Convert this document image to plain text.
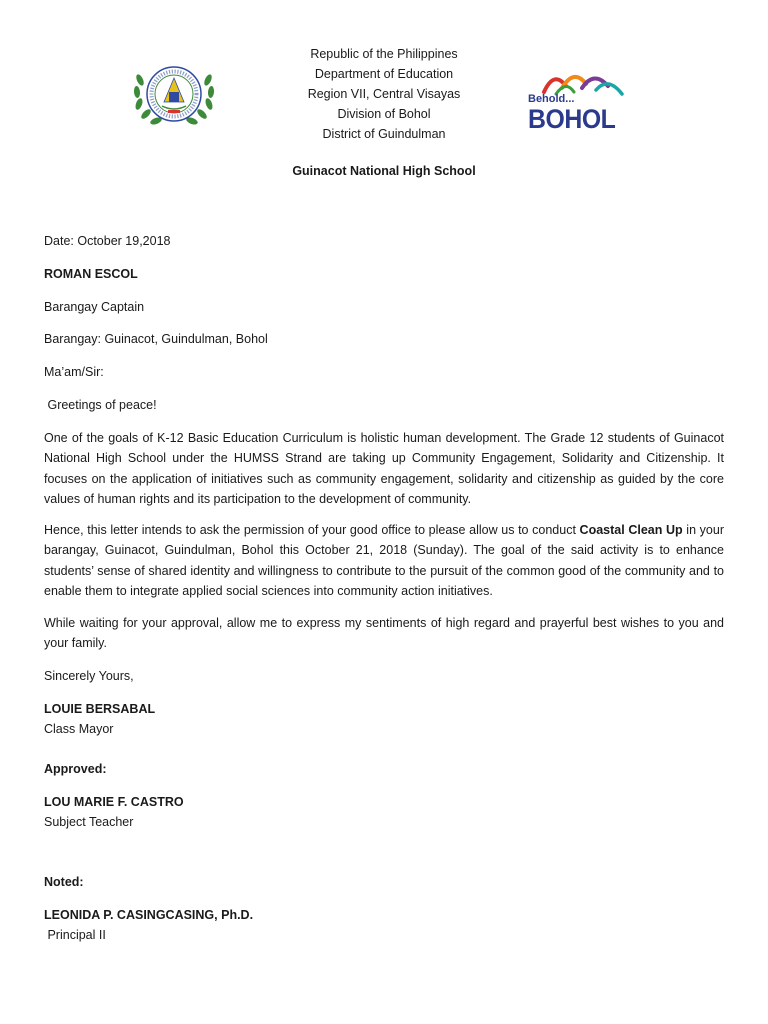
Republic of the Philippines
Department of Education
Region VII, Central Visayas
Division of Bohol
District of Guindulman
Behold...
BOHOL
Guinacot National High School
Date: October 19,2018
ROMAN ESCOL
Barangay Captain
Barangay: Guinacot, Guindulman, Bohol
Ma’am/Sir:
Greetings of peace!
One of the goals of K-12 Basic Education Curriculum is holistic human development. The Grade 12 students of Guinacot National High School under the HUMSS Strand are taking up Community Engagement, Solidarity and Citizenship. It focuses on the application of initiatives such as community engagement, solidarity and citizenship as guided by the core values of human rights and its participation to the development of community.
Hence, this letter intends to ask the permission of your good office to please allow us to conduct Coastal Clean Up in your barangay, Guinacot, Guindulman, Bohol this October 21, 2018 (Sunday). The goal of the said activity is to enhance students’ sense of shared identity and willingness to contribute to the pursuit of the common good of the community and to enable them to integrate applied social sciences into community action initiatives.
While waiting for your approval, allow me to express my sentiments of high regard and prayerful best wishes to you and your family.
Sincerely Yours,
LOUIE BERSABAL
Class Mayor
Approved:
LOU MARIE F. CASTRO
Subject Teacher
Noted:
LEONIDA P. CASINGCASING, Ph.D.
Principal II
